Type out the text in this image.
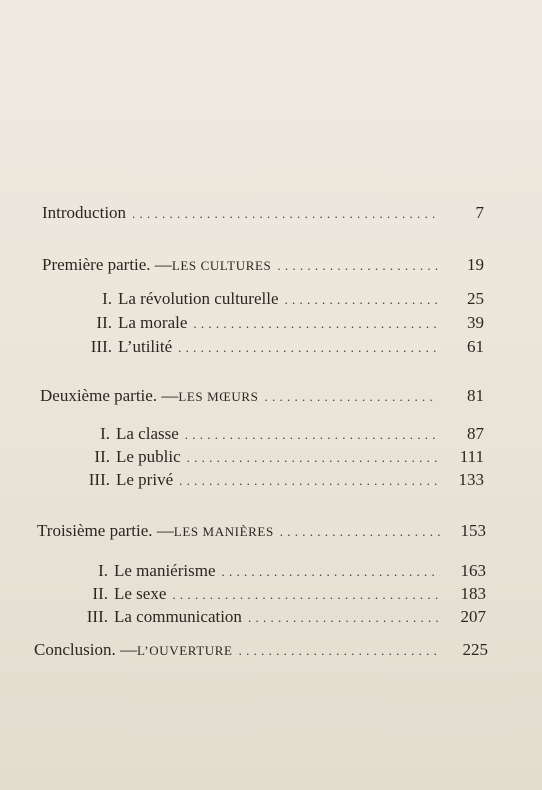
Introduction . . .	7
Première partie. — LES CULTURES . . .	19
I. La révolution culturelle . . .	25
II. La morale . . .	39
III. L’utilité . . .	61
Deuxième partie. — LES MŒURS . . .	81
I. La classe . . .	87
II. Le public . . .	111
III. Le privé . . .	133
Troisième partie. — LES MANIÈRES . . .	153
I. Le maniérisme . . .	163
II. Le sexe . . .	183
III. La communication . . .	207
Conclusion. — L’OUVERTURE . . .	225
